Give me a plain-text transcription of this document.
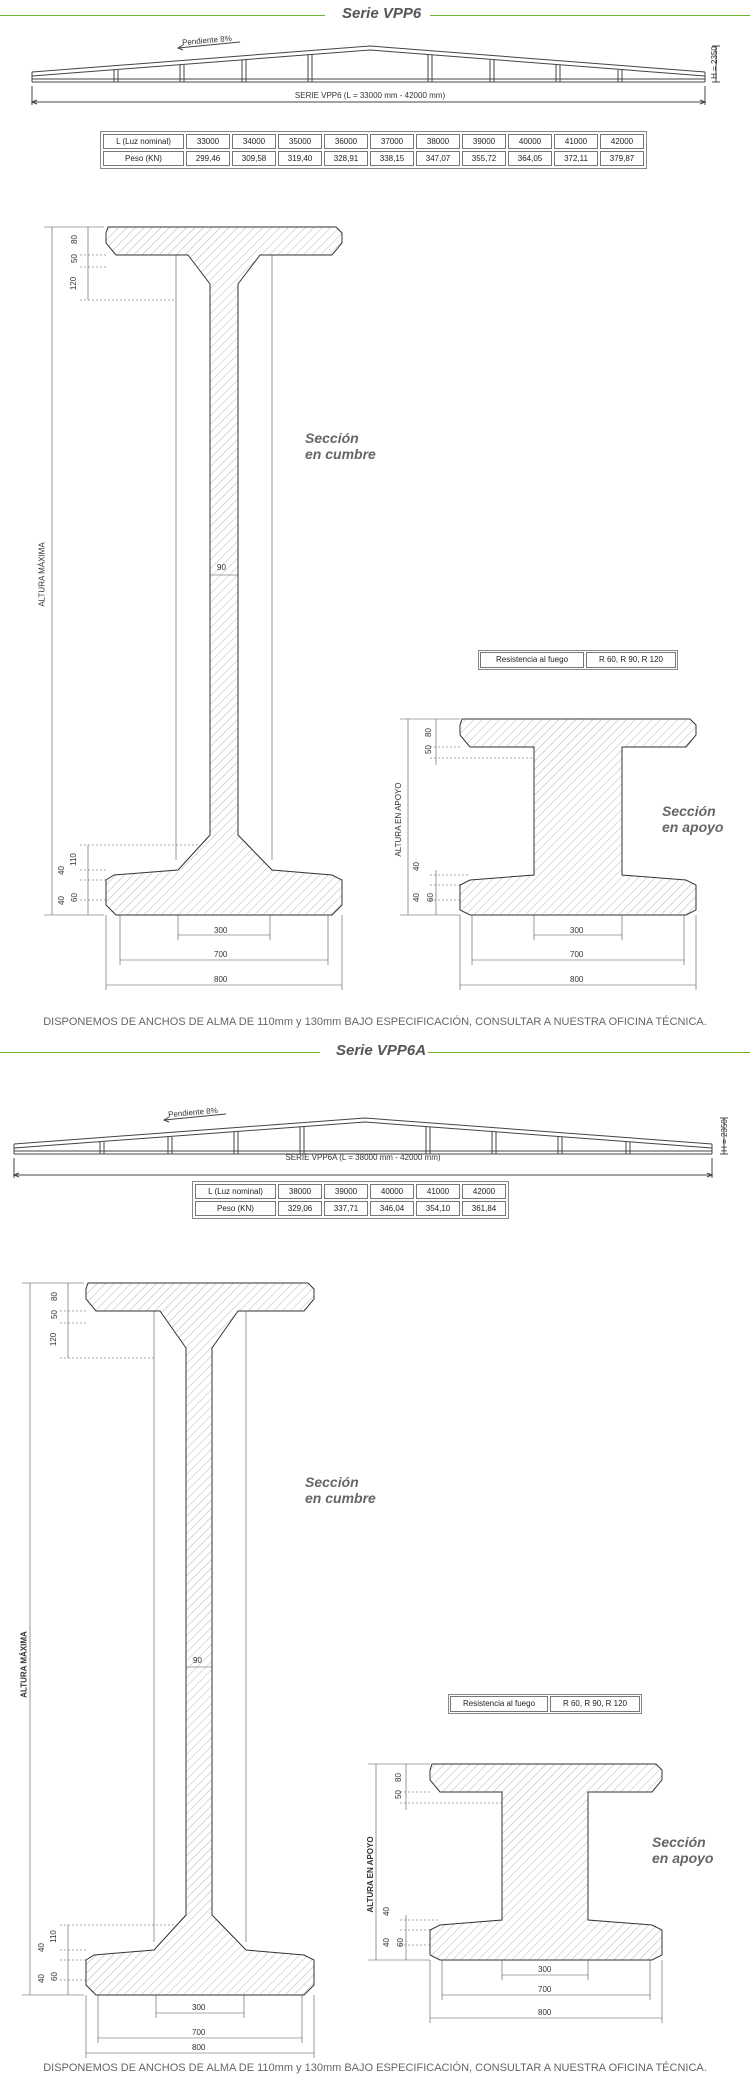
Serie VPP6
Pendiente 8%
H = 2350
SERIE VPP6 (L = 33000 mm - 42000 mm)
L (Luz nominal)	33000	34000	35000	36000	37000	38000	39000	40000	41000	42000
Peso (KN)	299,46	309,58	319,40	328,91	338,15	347,07	355,72	364,05	372,11	379,87
ALTURA MÁXIMA
80
50
120
110
40
60
40
90
300
700
800
Sección
en cumbre
Resistencia al fuego	R 60, R 90, R 120
ALTURA EN APOYO
80
50
40
60
40
300
700
800
Sección
en apoyo
DISPONEMOS DE ANCHOS DE ALMA DE 110mm y 130mm BAJO ESPECIFICACIÓN, CONSULTAR A NUESTRA OFICINA TÉCNICA.
Serie VPP6A
Pendiente 8%
H = 2350
SERIE VPP6A (L = 38000 mm - 42000 mm)
L (Luz nominal)	38000	39000	40000	41000	42000
Peso (KN)	329,06	337,71	346,04	354,10	361,84
ALTURA MÁXIMA
80
50
120
110
40
60
40
90
300
700
800
Sección
en cumbre
Resistencia al fuego	R 60, R 90, R 120
ALTURA EN APOYO
80
50
40
60
40
300
700
800
Sección
en apoyo
DISPONEMOS DE ANCHOS DE ALMA DE 110mm y 130mm BAJO ESPECIFICACIÓN, CONSULTAR A NUESTRA OFICINA TÉCNICA.
